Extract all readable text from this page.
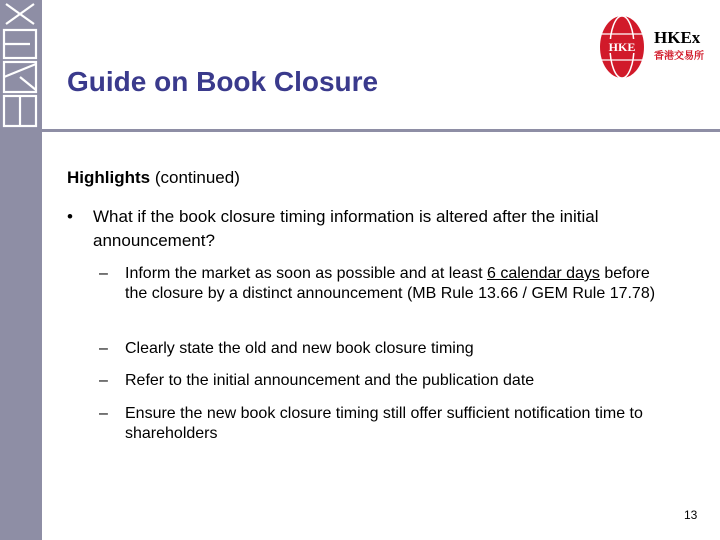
Guide on Book Closure
HKE HKEx
香港交易所
Highlights (continued)
•	What if the book closure timing information is altered after the initial announcement?
– Inform the market as soon as possible and at least 6 calendar days before the closure by a distinct announcement (MB Rule 13.66 / GEM Rule 17.78)
– Clearly state the old and new book closure timing
– Refer to the initial announcement and the publication date
– Ensure the new book closure timing still offer sufficient notification time to shareholders
13
